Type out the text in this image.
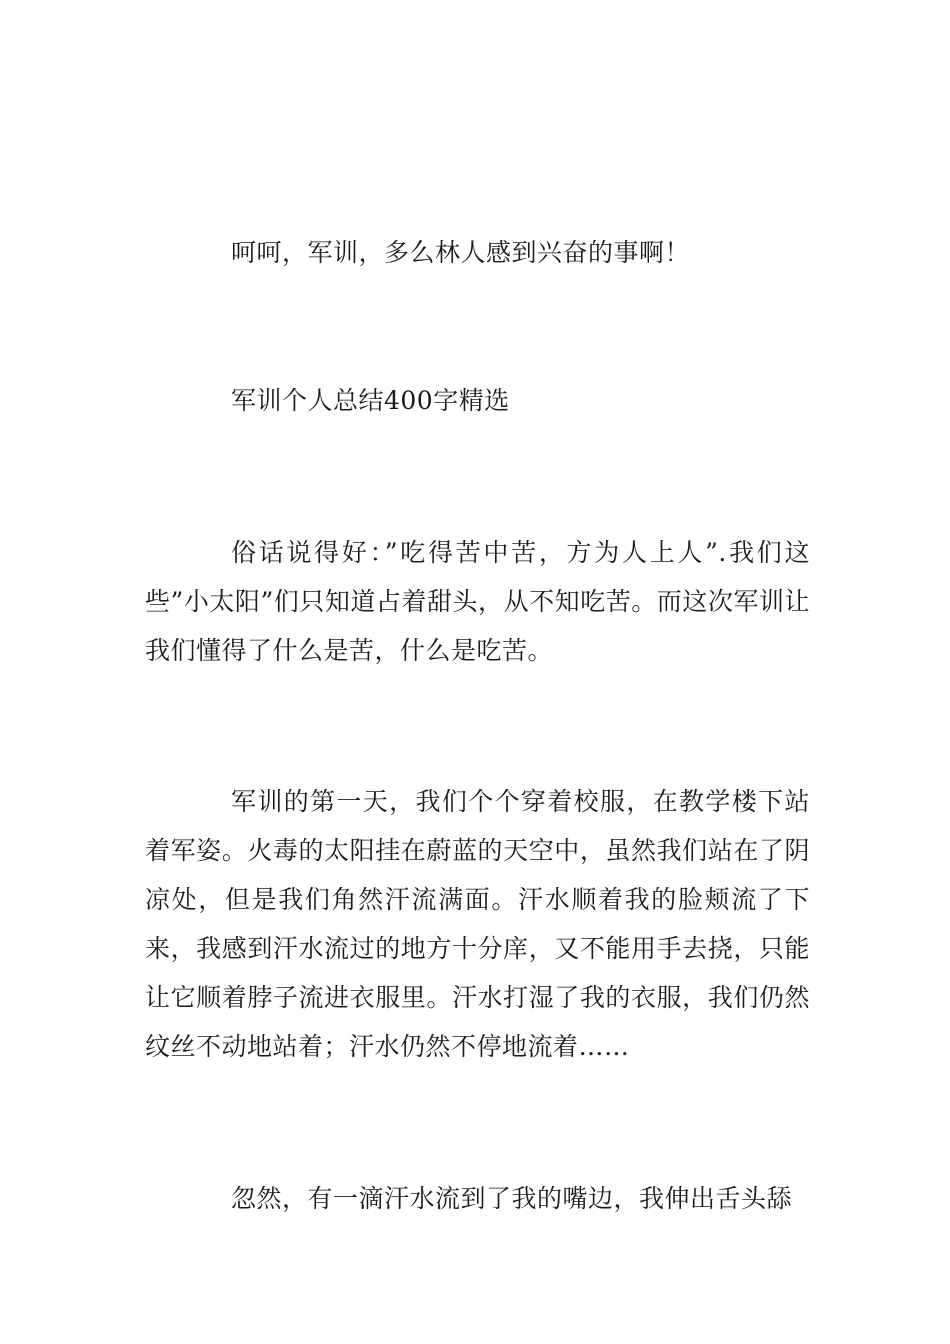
呵呵，军训，多么林人感到兴奋的事啊！

军训个人总结400字精选

俗话说得好：”吃得苦中苦，方为人上人”.我们这些”小太阳”们只知道占着甜头，从不知吃苦。而这次军训让我们懂得了什么是苦，什么是吃苦。

军训的第一天，我们个个穿着校服，在教学楼下站着军姿。火毒的太阳挂在蔚蓝的天空中，虽然我们站在了阴凉处，但是我们角然汗流满面。汗水顺着我的脸颊流了下来，我感到汗水流过的地方十分庠，又不能用手去挠，只能让它顺着脖子流进衣服里。汗水打湿了我的衣服，我们仍然纹丝不动地站着；汗水仍然不停地流着……

忽然，有一滴汗水流到了我的嘴边，我伸出舌头舔
